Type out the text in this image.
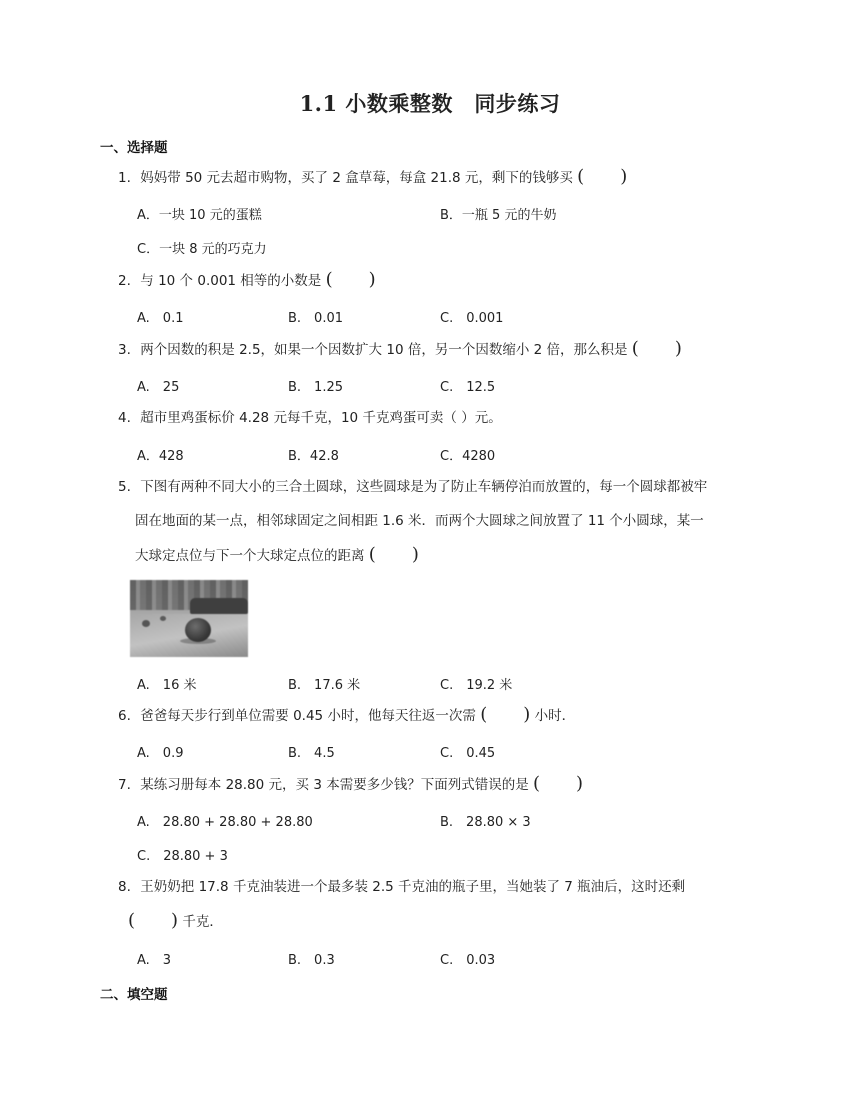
1.1 小数乘整数　同步练习
一、选择题
1. 妈妈带 50 元去超市购物，买了 2 盒草莓，每盒 21.8 元，剩下的钱够买 (　　)
A．一块 10 元的蛋糕	B．一瓶 5 元的牛奶
C．一块 8 元的巧克力
2. 与 10 个 0.001 相等的小数是 (　　)
A.　0.1	B.　0.01	C.　0.001
3. 两个因数的积是 2.5，如果一个因数扩大 10 倍，另一个因数缩小 2 倍，那么积是 (　　)
A.　25	B.　1.25	C.　12.5
4. 超市里鸡蛋标价 4.28 元每千克，10 千克鸡蛋可卖（ ）元。
A．428	B．42.8	C．4280
5. 下图有两种不同大小的三合土圆球，这些圆球是为了防止车辆停泊而放置的，每一个圆球都被牢
固在地面的某一点，相邻球固定之间相距 1.6 米．而两个大圆球之间放置了 11 个小圆球，某一
大球定点位与下一个大球定点位的距离 (　　)
A.　16 米	B.　17.6 米	C.　19.2 米
6. 爸爸每天步行到单位需要 0.45 小时，他每天往返一次需 (　　) 小时．
A.　0.9	B.　4.5	C.　0.45
7. 某练习册每本 28.80 元，买 3 本需要多少钱？下面列式错误的是 (　　)
A.　28.80 + 28.80 + 28.80	B.　28.80 × 3
C.　28.80 + 3
8. 王奶奶把 17.8 千克油装进一个最多装 2.5 千克油的瓶子里，当她装了 7 瓶油后，这时还剩
(　　) 千克．
A.　3	B.　0.3	C.　0.03
二、填空题
